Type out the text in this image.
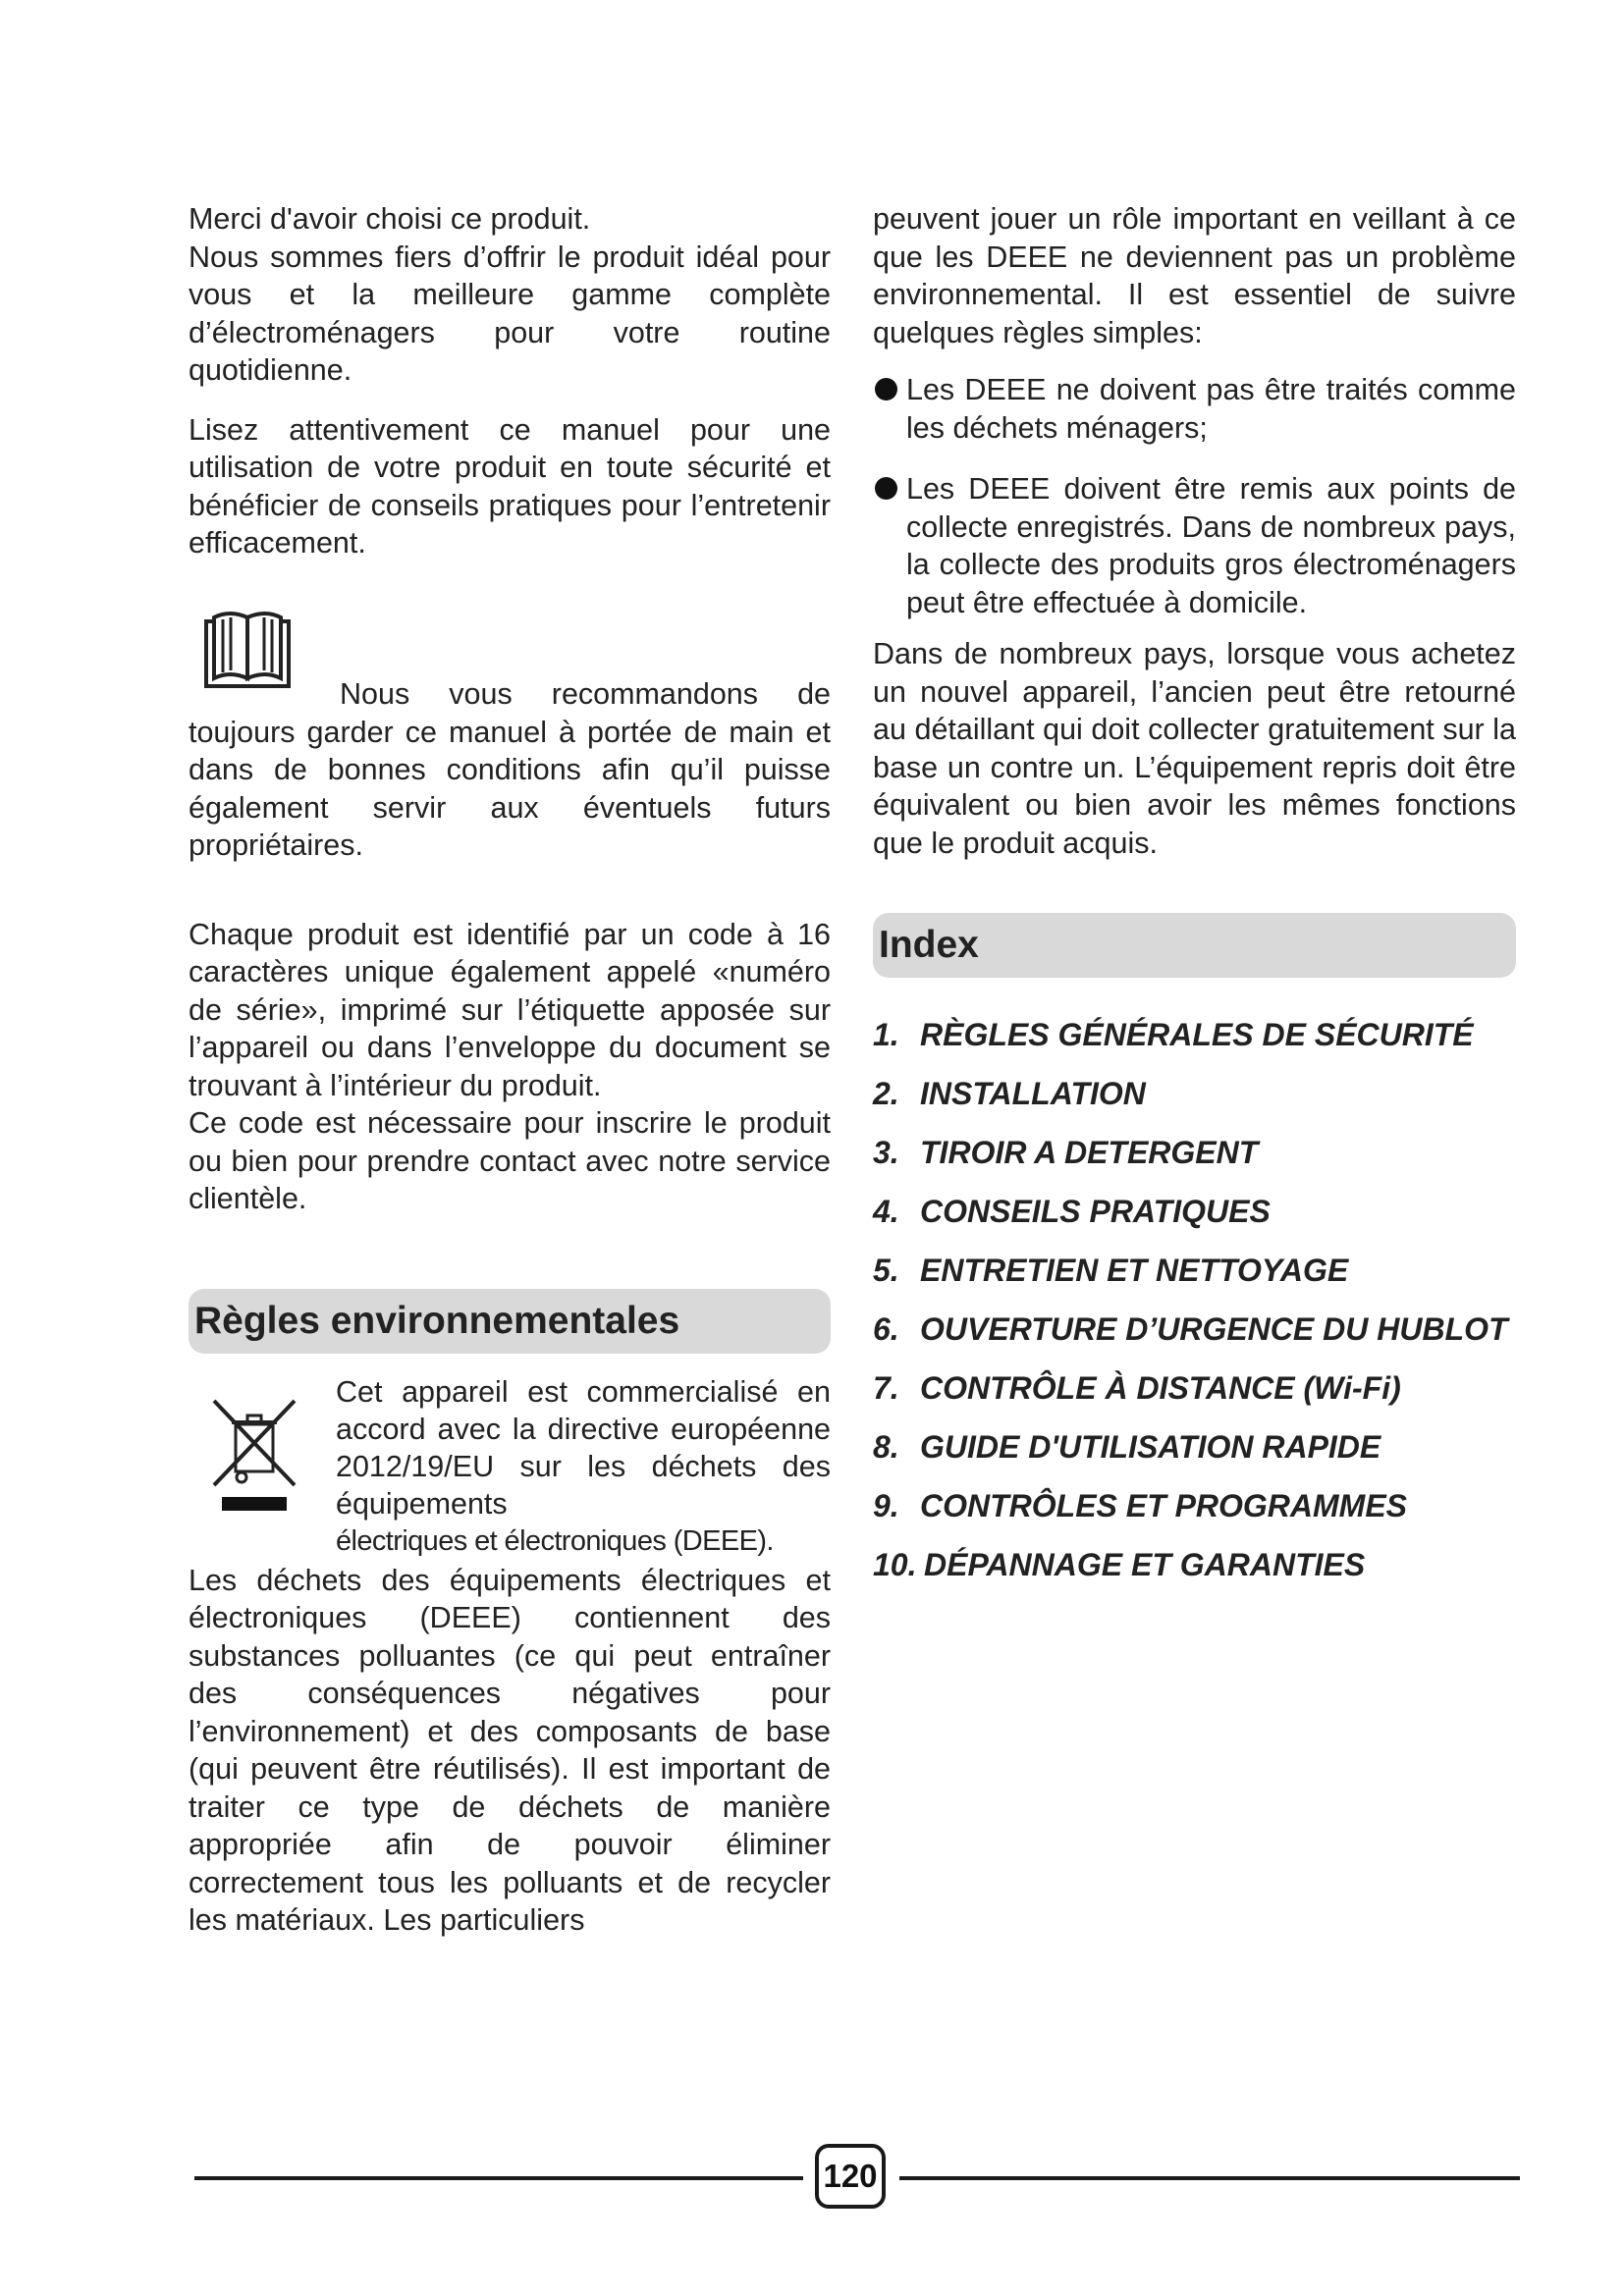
Merci d'avoir choisi ce produit.

Nous sommes fiers d’offrir le produit idéal pour vous et la meilleure gamme complète d’électroménagers pour votre routine quotidienne.

Lisez attentivement ce manuel pour une utilisation de votre produit en toute sécurité et bénéficier de conseils pratiques pour l’entretenir efficacement.

Nous vous recommandons de

toujours garder ce manuel à portée de main et dans de bonnes conditions afin qu’il puisse également servir aux éventuels futurs propriétaires.

Chaque produit est identifié par un code à 16 caractères unique également appelé «numéro de série», imprimé sur l’étiquette apposée sur l’appareil ou dans l’enveloppe du document se trouvant à l’intérieur du produit.

Ce code est nécessaire pour inscrire le produit ou bien pour prendre contact avec notre service clientèle.

Règles environnementales

Cet appareil est commercialisé en accord avec la directive européenne 2012/19/EU sur les déchets des équipements

électriques et électroniques (DEEE).

Les déchets des équipements électriques et électroniques (DEEE) contiennent des substances polluantes (ce qui peut entraîner des conséquences négatives pour l’environnement) et des composants de base (qui peuvent être réutilisés). Il est important de traiter ce type de déchets de manière appropriée afin de pouvoir éliminer correctement tous les polluants et de recycler les matériaux. Les particuliers

peuvent jouer un rôle important en veillant à ce que les DEEE ne deviennent pas un problème environnemental. Il est essentiel de suivre quelques règles simples:

Les DEEE ne doivent pas être traités comme les déchets ménagers;
Les DEEE doivent être remis aux points de collecte enregistrés. Dans de nombreux pays, la collecte des produits gros électroménagers peut être effectuée à domicile.

Dans de nombreux pays, lorsque vous achetez un nouvel appareil, l’ancien peut être retourné au détaillant qui doit collecter gratuitement sur la base un contre un. L’équipement repris doit être équivalent ou bien avoir les mêmes fonctions que le produit acquis.

Index
1. RÈGLES GÉNÉRALES DE SÉCURITÉ
2. INSTALLATION
3. TIROIR A DETERGENT
4. CONSEILS PRATIQUES
5. ENTRETIEN ET NETTOYAGE
6. OUVERTURE D’URGENCE DU HUBLOT
7. CONTRÔLE À DISTANCE (Wi-Fi)
8. GUIDE D'UTILISATION RAPIDE
9. CONTRÔLES ET PROGRAMMES
10. DÉPANNAGE ET GARANTIES
120
